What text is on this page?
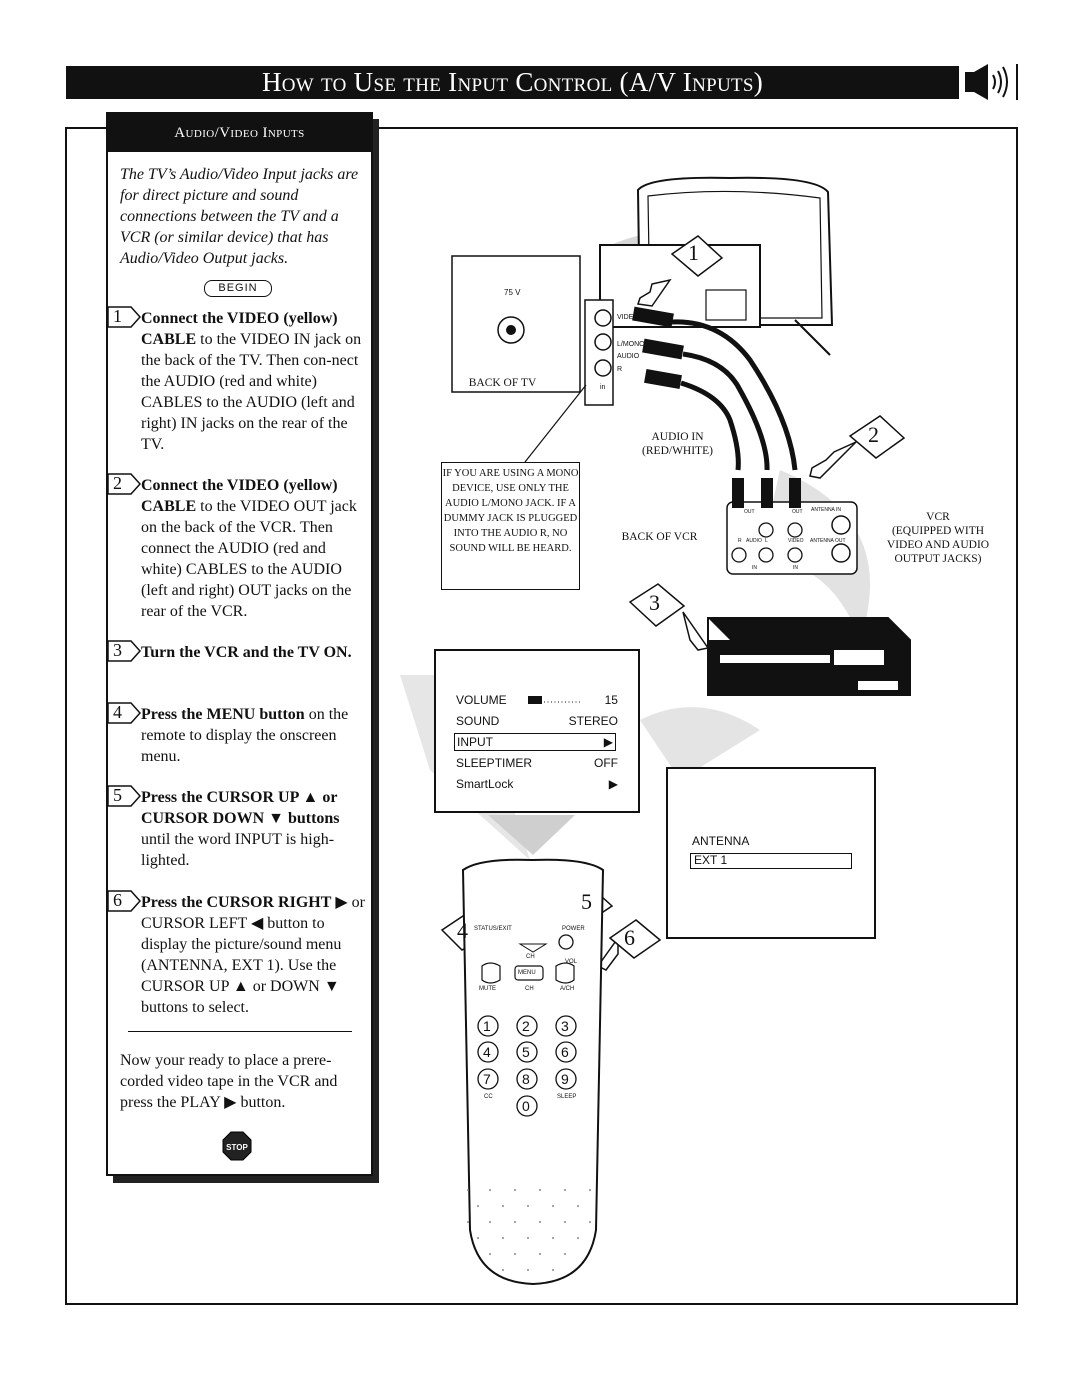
How to Use the Input Control (A/V Inputs)
Audio/Video Inputs
The TV’s Audio/Video Input jacks are for direct picture and sound connections between the TV and a VCR (or similar device) that has Audio/Video Output jacks.
BEGIN
1 Connect the VIDEO (yellow) CABLE to the VIDEO IN jack on the back of the TV. Then con-nect the AUDIO (red and white) CABLES to the AUDIO (left and right) IN jacks on the rear of the TV.
2 Connect the VIDEO (yellow) CABLE to the VIDEO OUT jack on the back of the VCR. Then connect the AUDIO (red and white) CABLES to the AUDIO (left and right) OUT jacks on the rear of the VCR.
3 Turn the VCR and the TV ON.
4 Press the MENU button on the remote to display the onscreen menu.
5 Press the CURSOR UP ▲ or CURSOR DOWN ▼ buttons until the word INPUT is high-lighted.
6 Press the CURSOR RIGHT ▶ or CURSOR LEFT ◀ button to display the picture/sound menu (ANTENNA, EXT 1). Use the CURSOR UP ▲ or DOWN ▼ buttons to select.
Now your ready to place a prere-corded video tape in the VCR and press the PLAY ▶ button.
STOP
75 V
BACK OF TV
VIDEO
L/MONO
AUDIO
R
in
AUDIO IN
(RED/WHITE)
IF YOU ARE USING A MONO DEVICE, USE ONLY THE AUDIO L/MONO JACK. IF A DUMMY JACK IS PLUGGED INTO THE AUDIO R, NO SOUND WILL BE HEARD.
BACK OF VCR
VCR
(EQUIPPED WITH
VIDEO AND AUDIO
OUTPUT JACKS)
OUT	OUT ANTENNA IN
R AUDIO L	VIDEO ANTENNA OUT
IN	IN
1
2
3
4
5
6
VOLUME	15
SOUND	STEREO
INPUT	▶
SLEEPTIMER	OFF
SmartLock	▶
ANTENNA
EXT 1
STATUS/EXIT	POWER
CH
VOL
MENU
MUTE	CH	A/CH
CC	SLEEP
1 2 3
4 5 6
7 8 9
0
